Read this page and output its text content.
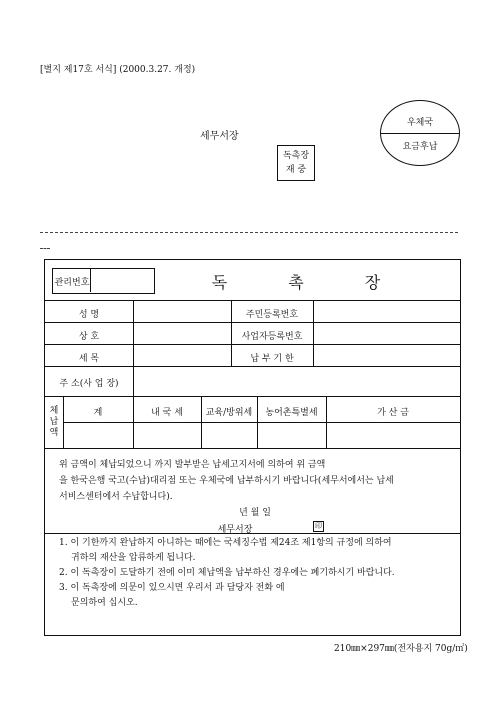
[별지 제17호 서식] (2000.3.27. 개정)
우체국
요금후납
세무서장
독촉장
재 중
관리번호	독 촉 장
성 명	주민등록번호
상 호	사업자등록번호
세 목	납 부 기 한
주 소(사 업 장)
체납액
계	내 국 세	교육/방위세	농어촌특별세	가 산 금
위 금액이 체납되었으니 까지 발부받은 납세고지서에 의하여 위 금액
을 한국은행 국고(수납)대리점 또는 우체국에 납부하시기 바랍니다(세무서에서는 납세
서비스센터에서 수납합니다).
년 월 일
세무서장	印
1. 이 기한까지 완납하지 아니하는 때에는 국세징수법 제24조 제1항의 규정에 의하여
귀하의 재산을 압류하게 됩니다.
2. 이 독촉장이 도달하기 전에 이미 체납액을 납부하신 경우에는 폐기하시기 바랍니다.
3. 이 독촉장에 의문이 있으시면 우리서 과 담당자 전화 에
문의하여 십시오.
210㎜×297㎜(전자용지 70g/㎡)
